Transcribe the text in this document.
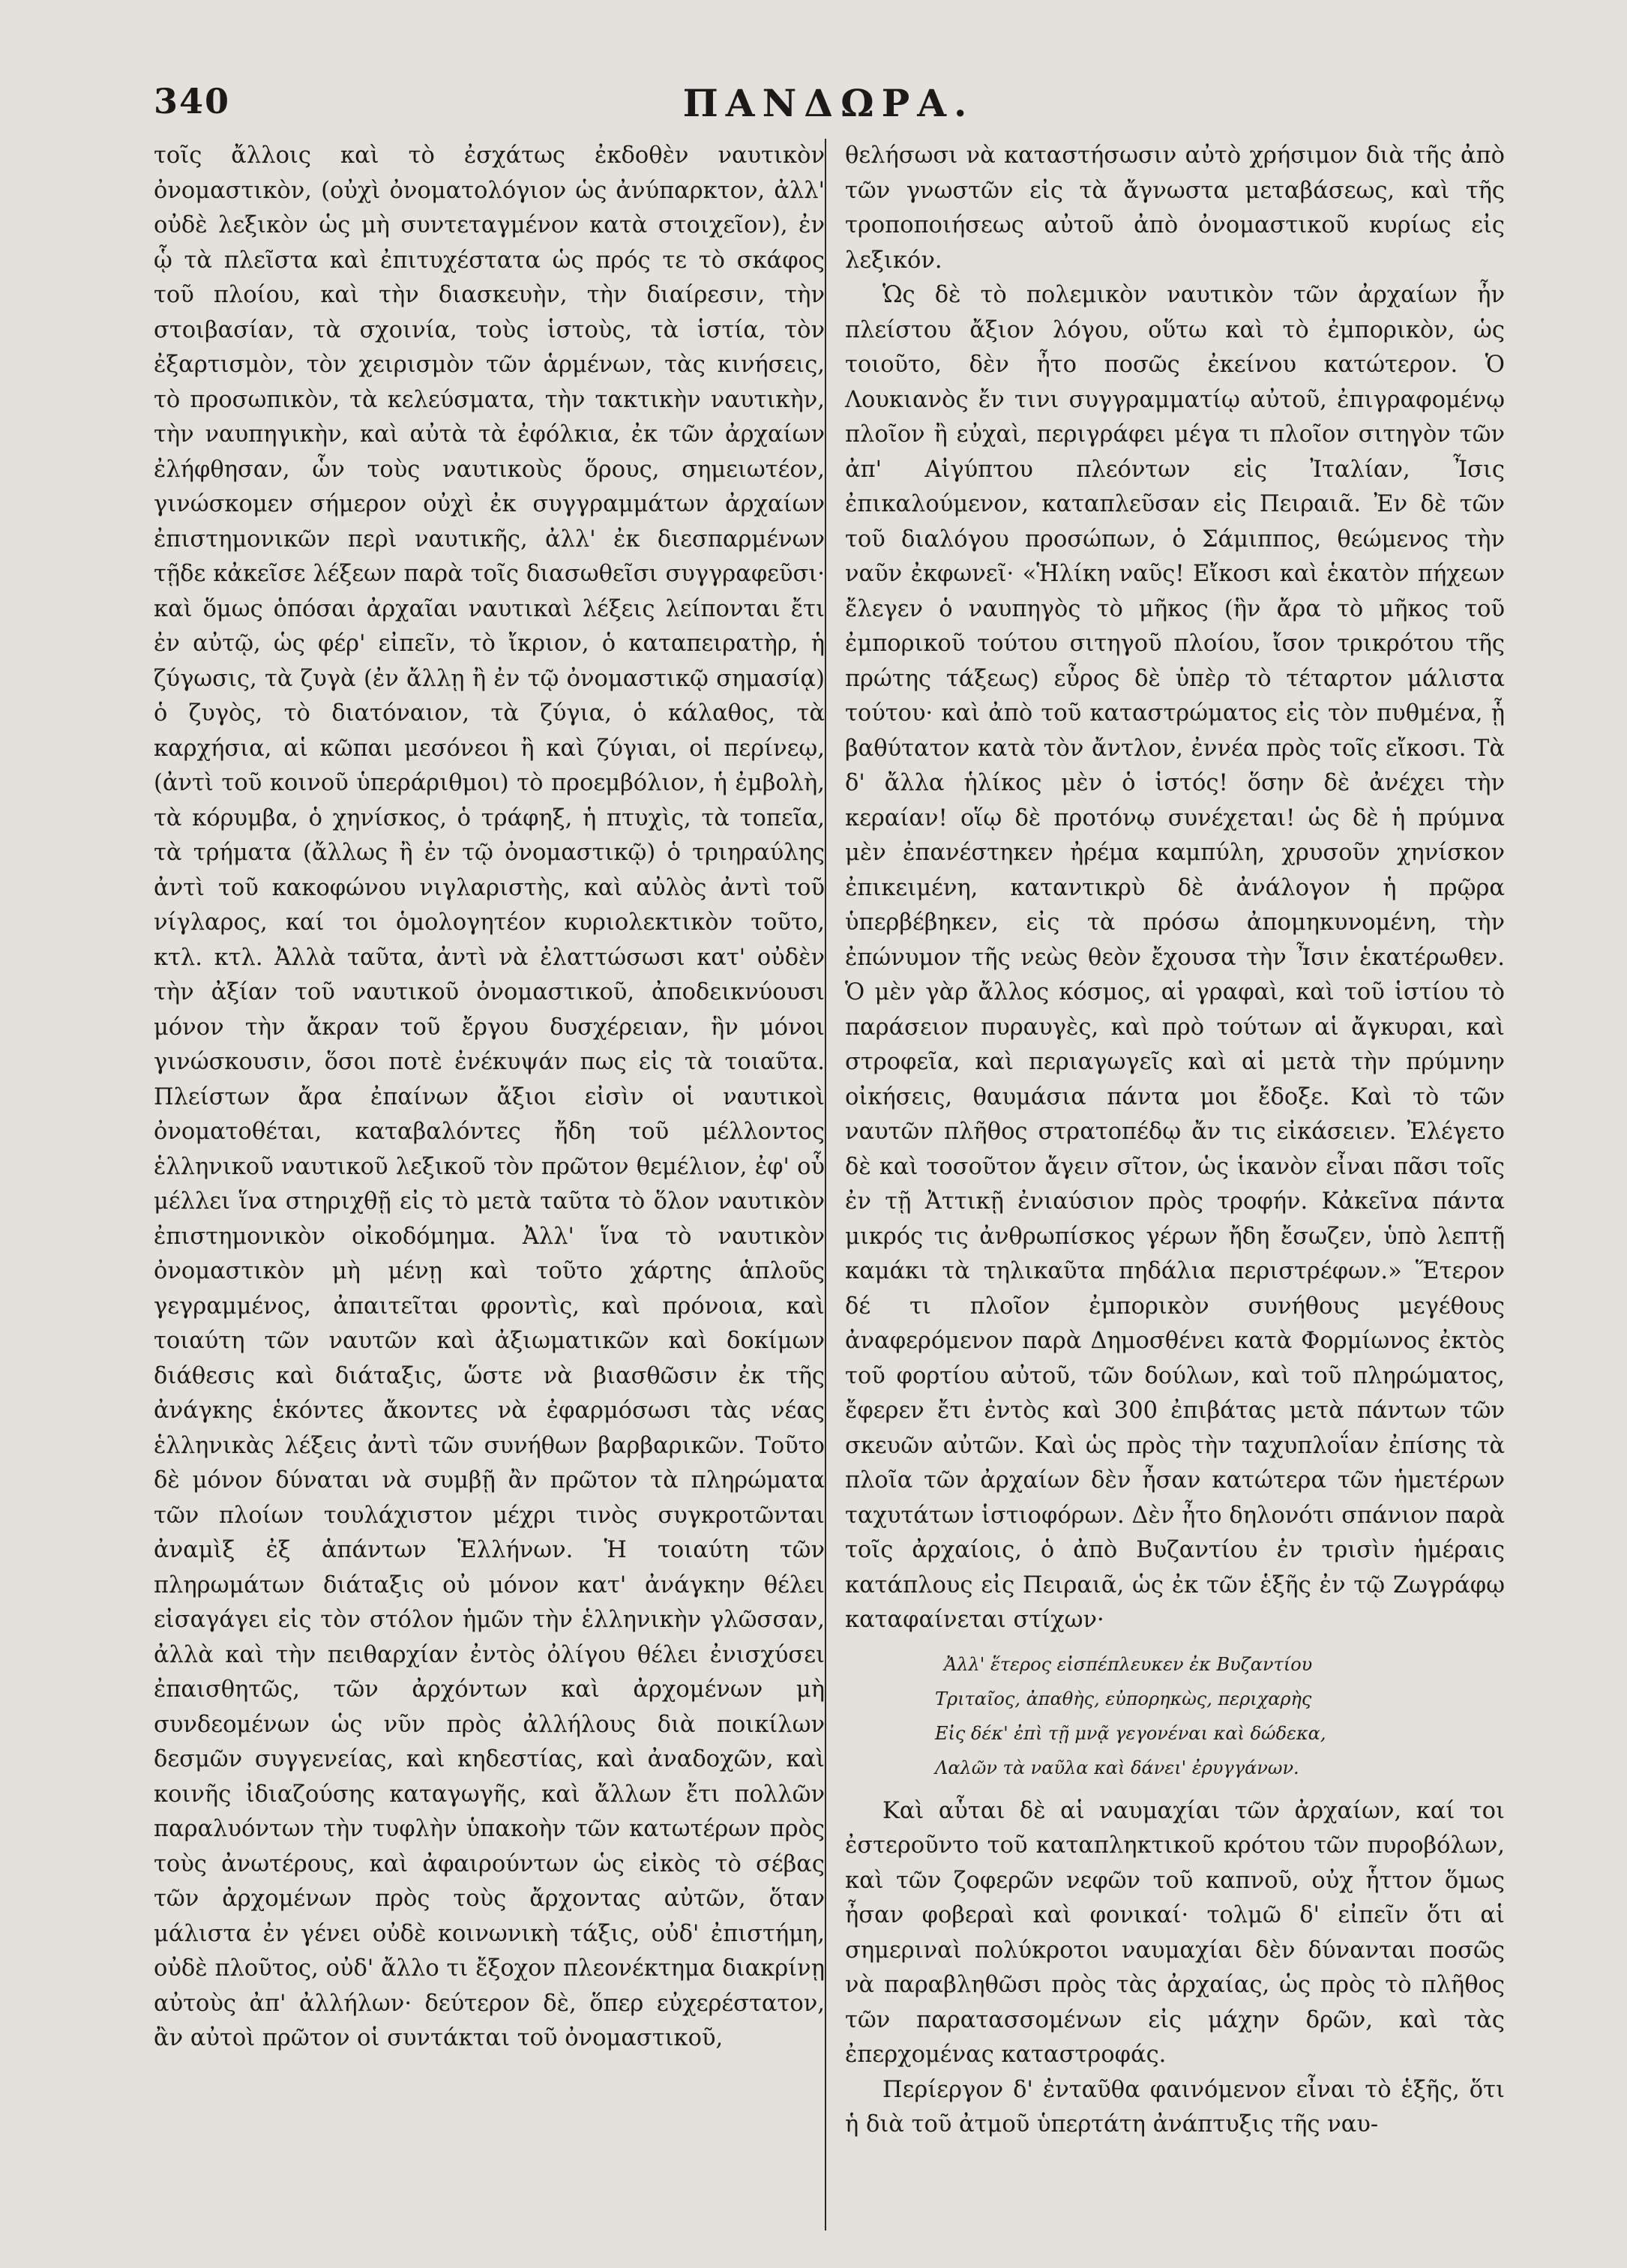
ΠΑΝΔΩΡΑ.
340

τοῖς ἄλλοις καὶ τὸ ἐσχάτως ἐκδοθὲν ναυτικὸν ὀνομαστικὸν, (οὐχὶ ὀνοματολόγιον ὡς ἀνύπαρκτον, ἀλλ' οὐδὲ λεξικὸν ὡς μὴ συντεταγμένον κατὰ στοιχεῖον), ἐν ᾧ τὰ πλεῖστα καὶ ἐπιτυχέστατα ὡς πρός τε τὸ σκάφος τοῦ πλοίου, καὶ τὴν διασκευὴν, τὴν διαίρεσιν, τὴν στοιβασίαν, τὰ σχοινία, τοὺς ἱστοὺς, τὰ ἱστία, τὸν ἐξαρτισμὸν, τὸν χειρισμὸν τῶν ἁρμένων, τὰς κινήσεις, τὸ προσωπικὸν, τὰ κελεύσματα, τὴν τακτικὴν ναυτικὴν, τὴν ναυπηγικὴν, καὶ αὐτὰ τὰ ἐφόλκια, ἐκ τῶν ἀρχαίων ἐλήφθησαν, ὧν τοὺς ναυτικοὺς ὅρους, σημειωτέον, γινώσκομεν σήμερον οὐχὶ ἐκ συγγραμμάτων ἀρχαίων ἐπιστημονικῶν περὶ ναυτικῆς, ἀλλ' ἐκ διεσπαρμένων τῇδε κἀκεῖσε λέξεων παρὰ τοῖς διασωθεῖσι συγγραφεῦσι· καὶ ὅμως ὁπόσαι ἀρχαῖαι ναυτικαὶ λέξεις λείπονται ἔτι ἐν αὐτῷ, ὡς φέρ' εἰπεῖν, τὸ ἴκριον, ὁ καταπειρατὴρ, ἡ ζύγωσις, τὰ ζυγὰ (ἐν ἄλλῃ ἢ ἐν τῷ ὀνομαστικῷ σημασίᾳ) ὁ ζυγὸς, τὸ διατόναιον, τὰ ζύγια, ὁ κάλαθος, τὰ καρχήσια, αἱ κῶπαι μεσόνεοι ἢ καὶ ζύγιαι, οἱ περίνεῳ, (ἀντὶ τοῦ κοινοῦ ὑπεράριθμοι) τὸ προεμβόλιον, ἡ ἐμβολὴ, τὰ κόρυμβα, ὁ χηνίσκος, ὁ τράφηξ, ἡ πτυχὶς, τὰ τοπεῖα, τὰ τρήματα (ἄλλως ἢ ἐν τῷ ὀνομαστικῷ) ὁ τριηραύλης ἀντὶ τοῦ κακοφώνου νιγλαριστὴς, καὶ αὐλὸς ἀντὶ τοῦ νίγλαρος, καί τοι ὁμολογητέον κυριολεκτικὸν τοῦτο, κτλ. κτλ. Ἀλλὰ ταῦτα, ἀντὶ νὰ ἐλαττώσωσι κατ' οὐδὲν τὴν ἀξίαν τοῦ ναυτικοῦ ὀνομαστικοῦ, ἀποδεικνύουσι μόνον τὴν ἄκραν τοῦ ἔργου δυσχέρειαν, ἣν μόνοι γινώσκουσιν, ὅσοι ποτὲ ἐνέκυψάν πως εἰς τὰ τοιαῦτα. Πλείστων ἄρα ἐπαίνων ἄξιοι εἰσὶν οἱ ναυτικοὶ ὀνοματοθέται, καταβαλόντες ἤδη τοῦ μέλλοντος ἑλληνικοῦ ναυτικοῦ λεξικοῦ τὸν πρῶτον θεμέλιον, ἐφ' οὗ μέλλει ἵνα στηριχθῇ εἰς τὸ μετὰ ταῦτα τὸ ὅλον ναυτικὸν ἐπιστημονικὸν οἰκοδόμημα. Ἀλλ' ἵνα τὸ ναυτικὸν ὀνομαστικὸν μὴ μένῃ καὶ τοῦτο χάρτης ἁπλοῦς γεγραμμένος, ἀπαιτεῖται φροντὶς, καὶ πρόνοια, καὶ τοιαύτη τῶν ναυτῶν καὶ ἀξιωματικῶν καὶ δοκίμων διάθεσις καὶ διάταξις, ὥστε νὰ βιασθῶσιν ἐκ τῆς ἀνάγκης ἑκόντες ἄκοντες νὰ ἐφαρμόσωσι τὰς νέας ἑλληνικὰς λέξεις ἀντὶ τῶν συνήθων βαρβαρικῶν. Τοῦτο δὲ μόνον δύναται νὰ συμβῇ ἂν πρῶτον τὰ πληρώματα τῶν πλοίων τουλάχιστον μέχρι τινὸς συγκροτῶνται ἀναμὶξ ἐξ ἁπάντων Ἑλλήνων. Ἡ τοιαύτη τῶν πληρωμάτων διάταξις οὐ μόνον κατ' ἀνάγκην θέλει εἰσαγάγει εἰς τὸν στόλον ἡμῶν τὴν ἑλληνικὴν γλῶσσαν, ἀλλὰ καὶ τὴν πειθαρχίαν ἐντὸς ὀλίγου θέλει ἐνισχύσει ἐπαισθητῶς, τῶν ἀρχόντων καὶ ἀρχομένων μὴ συνδεομένων ὡς νῦν πρὸς ἀλλήλους διὰ ποικίλων δεσμῶν συγγενείας, καὶ κηδεστίας, καὶ ἀναδοχῶν, καὶ κοινῆς ἰδιαζούσης καταγωγῆς, καὶ ἄλλων ἔτι πολλῶν παραλυόντων τὴν τυφλὴν ὑπακοὴν τῶν κατωτέρων πρὸς τοὺς ἀνωτέρους, καὶ ἀφαιρούντων ὡς εἰκὸς τὸ σέβας τῶν ἀρχομένων πρὸς τοὺς ἄρχοντας αὐτῶν, ὅταν μάλιστα ἐν γένει οὐδὲ κοινωνικὴ τάξις, οὐδ' ἐπιστήμη, οὐδὲ πλοῦτος, οὐδ' ἄλλο τι ἔξοχον πλεονέκτημα διακρίνῃ αὐτοὺς ἀπ' ἀλλήλων· δεύτερον δὲ, ὅπερ εὐχερέστατον, ἂν αὐτοὶ πρῶτον οἱ συντάκται τοῦ ὀνομαστικοῦ,

θελήσωσι νὰ καταστήσωσιν αὐτὸ χρήσιμον διὰ τῆς ἀπὸ τῶν γνωστῶν εἰς τὰ ἄγνωστα μεταβάσεως, καὶ τῆς τροποποιήσεως αὐτοῦ ἀπὸ ὀνομαστικοῦ κυρίως εἰς λεξικόν.

Ὡς δὲ τὸ πολεμικὸν ναυτικὸν τῶν ἀρχαίων ἦν πλείστου ἄξιον λόγου, οὕτω καὶ τὸ ἐμπορικὸν, ὡς τοιοῦτο, δὲν ἦτο ποσῶς ἐκείνου κατώτερον. Ὁ Λουκιανὸς ἔν τινι συγγραμματίῳ αὐτοῦ, ἐπιγραφομένῳ πλοῖον ἢ εὐχαὶ, περιγράφει μέγα τι πλοῖον σιτηγὸν τῶν ἀπ' Αἰγύπτου πλεόντων εἰς Ἰταλίαν, Ἶσις ἐπικαλούμενον, καταπλεῦσαν εἰς Πειραιᾶ. Ἐν δὲ τῶν τοῦ διαλόγου προσώπων, ὁ Σάμιππος, θεώμενος τὴν ναῦν ἐκφωνεῖ· «Ἡλίκη ναῦς! Εἴκοσι καὶ ἑκατὸν πήχεων ἔλεγεν ὁ ναυπηγὸς τὸ μῆκος (ἣν ἄρα τὸ μῆκος τοῦ ἐμπορικοῦ τούτου σιτηγοῦ πλοίου, ἴσον τρικρότου τῆς πρώτης τάξεως) εὖρος δὲ ὑπὲρ τὸ τέταρτον μάλιστα τούτου· καὶ ἀπὸ τοῦ καταστρώματος εἰς τὸν πυθμένα, ᾗ βαθύτατον κατὰ τὸν ἄντλον, ἐννέα πρὸς τοῖς εἴκοσι. Τὰ δ' ἄλλα ἡλίκος μὲν ὁ ἱστός! ὅσην δὲ ἀνέχει τὴν κεραίαν! οἵῳ δὲ προτόνῳ συνέχεται! ὡς δὲ ἡ πρύμνα μὲν ἐπανέστηκεν ἠρέμα καμπύλη, χρυσοῦν χηνίσκον ἐπικειμένη, καταντικρὺ δὲ ἀνάλογον ἡ πρῷρα ὑπερβέβηκεν, εἰς τὰ πρόσω ἀπομηκυνομένη, τὴν ἐπώνυμον τῆς νεὼς θεὸν ἔχουσα τὴν Ἶσιν ἑκατέρωθεν. Ὁ μὲν γὰρ ἄλλος κόσμος, αἱ γραφαὶ, καὶ τοῦ ἱστίου τὸ παράσειον πυραυγὲς, καὶ πρὸ τούτων αἱ ἄγκυραι, καὶ στροφεῖα, καὶ περιαγωγεῖς καὶ αἱ μετὰ τὴν πρύμνην οἰκήσεις, θαυμάσια πάντα μοι ἔδοξε. Καὶ τὸ τῶν ναυτῶν πλῆθος στρατοπέδῳ ἄν τις εἰκάσειεν. Ἐλέγετο δὲ καὶ τοσοῦτον ἄγειν σῖτον, ὡς ἱκανὸν εἶναι πᾶσι τοῖς ἐν τῇ Ἀττικῇ ἐνιαύσιον πρὸς τροφήν. Κἀκεῖνα πάντα μικρός τις ἀνθρωπίσκος γέρων ἤδη ἔσωζεν, ὑπὸ λεπτῇ καμάκι τὰ τηλικαῦτα πηδάλια περιστρέφων.» Ἕτερον δέ τι πλοῖον ἐμπορικὸν συνήθους μεγέθους ἀναφερόμενον παρὰ Δημοσθένει κατὰ Φορμίωνος ἐκτὸς τοῦ φορτίου αὐτοῦ, τῶν δούλων, καὶ τοῦ πληρώματος, ἔφερεν ἔτι ἐντὸς καὶ 300 ἐπιβάτας μετὰ πάντων τῶν σκευῶν αὐτῶν. Καὶ ὡς πρὸς τὴν ταχυπλοΐαν ἐπίσης τὰ πλοῖα τῶν ἀρχαίων δὲν ἦσαν κατώτερα τῶν ἡμετέρων ταχυτάτων ἱστιοφόρων. Δὲν ἦτο δηλονότι σπάνιον παρὰ τοῖς ἀρχαίοις, ὁ ἀπὸ Βυζαντίου ἐν τρισὶν ἡμέραις κατάπλους εἰς Πειραιᾶ, ὡς ἐκ τῶν ἑξῆς ἐν τῷ Ζωγράφῳ καταφαίνεται στίχων·

Ἀλλ' ἕτερος εἰσπέπλευκεν ἐκ Βυζαντίου
Τριταῖος, ἀπαθὴς, εὐπορηκὼς, περιχαρὴς
Εἰς δέκ' ἐπὶ τῇ μνᾷ γεγονέναι καὶ δώδεκα,
Λαλῶν τὰ ναῦλα καὶ δάνει' ἐρυγγάνων.

Καὶ αὗται δὲ αἱ ναυμαχίαι τῶν ἀρχαίων, καί τοι ἐστεροῦντο τοῦ καταπληκτικοῦ κρότου τῶν πυροβόλων, καὶ τῶν ζοφερῶν νεφῶν τοῦ καπνοῦ, οὐχ ἧττον ὅμως ἦσαν φοβεραὶ καὶ φονικαί· τολμῶ δ' εἰπεῖν ὅτι αἱ σημεριναὶ πολύκροτοι ναυμαχίαι δὲν δύνανται ποσῶς νὰ παραβληθῶσι πρὸς τὰς ἀρχαίας, ὡς πρὸς τὸ πλῆθος τῶν παρατασσομένων εἰς μάχην δρῶν, καὶ τὰς ἐπερχομένας καταστροφάς.

Περίεργον δ' ἐνταῦθα φαινόμενον εἶναι τὸ ἑξῆς, ὅτι ἡ διὰ τοῦ ἀτμοῦ ὑπερτάτη ἀνάπτυξις τῆς ναυ-
